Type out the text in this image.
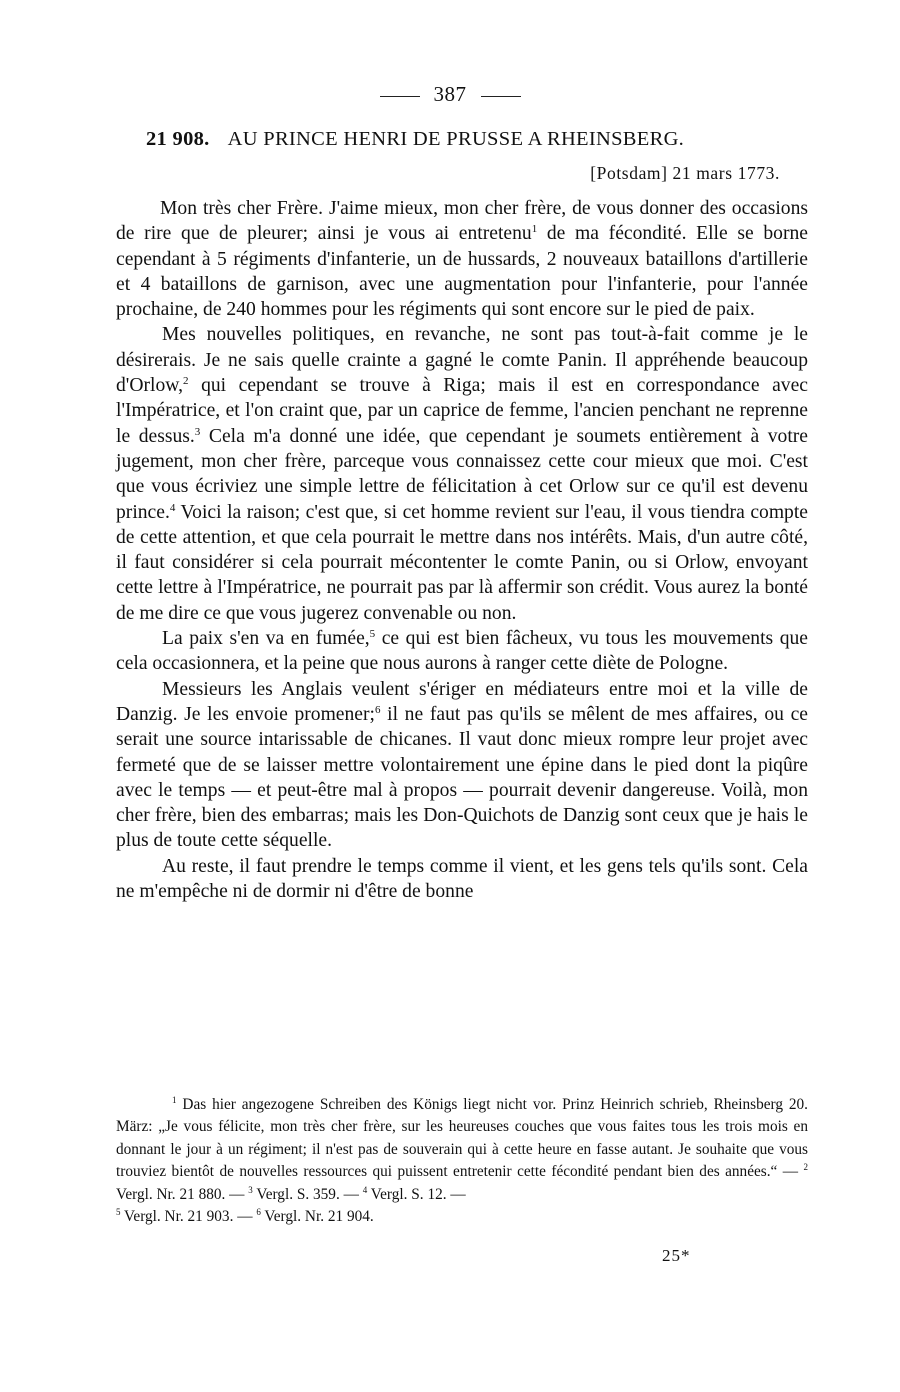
387
21 908. AU PRINCE HENRI DE PRUSSE A RHEINSBERG.
[Potsdam] 21 mars 1773.

Mon très cher Frère. J'aime mieux, mon cher frère, de vous donner des occasions de rire que de pleurer; ainsi je vous ai entretenu$^1$ de ma fécondité. Elle se borne cependant à 5 régiments d'infanterie, un de hussards, 2 nouveaux bataillons d'artillerie et 4 bataillons de garnison, avec une augmentation pour l'infanterie, pour l'année prochaine, de 240 hommes pour les régiments qui sont encore sur le pied de paix.

Mes nouvelles politiques, en revanche, ne sont pas tout-à-fait comme je le désirerais. Je ne sais quelle crainte a gagné le comte Panin. Il appréhende beaucoup d'Orlow,$^2$ qui cependant se trouve à Riga; mais il est en correspondance avec l'Impératrice, et l'on craint que, par un caprice de femme, l'ancien penchant ne reprenne le dessus.$^3$ Cela m'a donné une idée, que cependant je soumets entièrement à votre jugement, mon cher frère, parceque vous connaissez cette cour mieux que moi. C'est que vous écriviez une simple lettre de félicitation à cet Orlow sur ce qu'il est devenu prince.$^4$ Voici la raison; c'est que, si cet homme revient sur l'eau, il vous tiendra compte de cette attention, et que cela pourrait le mettre dans nos intérêts. Mais, d'un autre côté, il faut considérer si cela pourrait mécontenter le comte Panin, ou si Orlow, envoyant cette lettre à l'Impératrice, ne pourrait pas par là affermir son crédit. Vous aurez la bonté de me dire ce que vous jugerez convenable ou non.

La paix s'en va en fumée,$^5$ ce qui est bien fâcheux, vu tous les mouvements que cela occasionnera, et la peine que nous aurons à ranger cette diète de Pologne.

Messieurs les Anglais veulent s'ériger en médiateurs entre moi et la ville de Danzig. Je les envoie promener;$^6$ il ne faut pas qu'ils se mêlent de mes affaires, ou ce serait une source intarissable de chicanes. Il vaut donc mieux rompre leur projet avec fermeté que de se laisser mettre volontairement une épine dans le pied dont la piqûre avec le temps — et peut-être mal à propos — pourrait devenir dangereuse. Voilà, mon cher frère, bien des embarras; mais les Don-Quichots de Danzig sont ceux que je hais le plus de toute cette séquelle.

Au reste, il faut prendre le temps comme il vient, et les gens tels qu'ils sont. Cela ne m'empêche ni de dormir ni d'être de bonne

$^1$ Das hier angezogene Schreiben des Königs liegt nicht vor. Prinz Heinrich schrieb, Rheinsberg 20. März: „Je vous félicite, mon très cher frère, sur les heureuses couches que vous faites tous les trois mois en donnant le jour à un régiment; il n'est pas de souverain qui à cette heure en fasse autant. Je souhaite que vous trouviez bientôt de nouvelles ressources qui puissent entretenir cette fécondité pendant bien des années.“ — $^2$ Vergl. Nr. 21 880. — $^3$ Vergl. S. 359. — $^4$ Vergl. S. 12. —
$^5$ Vergl. Nr. 21 903. — $^6$ Vergl. Nr. 21 904.

25*
